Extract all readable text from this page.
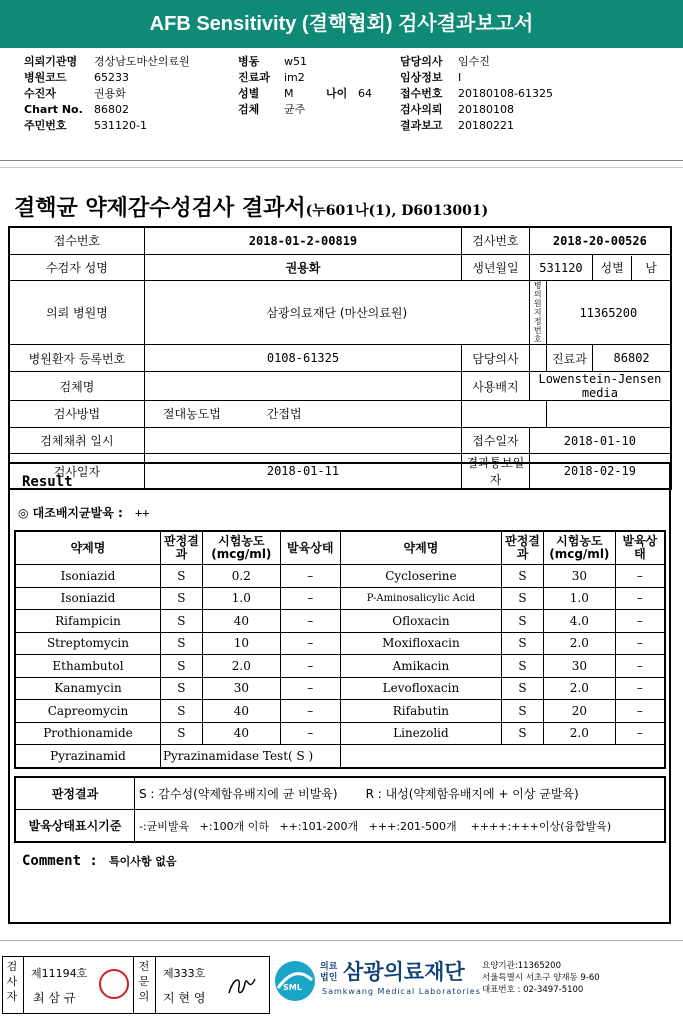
AFB Sensitivity (결핵협회) 검사결과보고서
의뢰기관명 경상남도마산의료원
병원코드 65233
수진자	권용화
Chart No. 86802
주민번호 531120-1
병동 w51
진료과 im2
성별 M	나이 64
검체 균주
담당의사 임수진
임상정보 I
접수번호 20180108-61325
검사의뢰 20180108
결과보고 20180221
결핵균 약제감수성검사 결과서(누601나(1), D6013001)
접수번호	2018-01-2-00819	검사번호	2018-20-00526
수검자 성명	권용화	생년월일	531120	성별	남

의뢰 병원명	삼광의료재단 (마산의료원)	병의원 지정번호	11365200
병원환자 등록번호	0108-61325	담당의사		진료과	86802
검체명		사용배지	Lowenstein-Jensen media
검사방법	절대농도법	간접법		
검체채취 일시		접수일자	2018-01-10
검사일자	2018-01-11	결과통보일자	2018-02-19
Result
◎ 대조배지균발육 : ++
약제명	판정결과	시험농도 (mcg/ml)	발육상태	약제명	판정결과	시험농도 (mcg/ml)	발육상태
Isoniazid	S	0.2	–	Cycloserine	S	30	–
Isoniazid	S	1.0	–	P-Aminosalicylic Acid	S	1.0	–
Rifampicin	S	40	–	Ofloxacin	S	4.0	–
Streptomycin	S	10	–	Moxifloxacin	S	2.0	–
Ethambutol	S	2.0	–	Amikacin	S	30	–
Kanamycin	S	30	–	Levofloxacin	S	2.0	–
Capreomycin	S	40	–	Rifabutin	S	20	–
Prothionamide	S	40	–	Linezolid	S	2.0	–
Pyrazinamid	Pyrazinamidase Test( S )						
판정결과	S : 감수성(약제함유배지에 균 비발육) R : 내성(약제함유배지에 + 이상 균발육)
발육상태표시기준	-:균비발육   +:100개 이하   ++:101-200개   +++:201-500개    ++++:+++이상(융합발육)
Comment : 특이사항 없음
검사자
제11194호
최 삼 규
전문의
제333호
지 현 영
SML
의료
법인 삼광의료재단
Samkwang Medical Laboratories
요양기관:11365200
서울특별시 서초구 양재동 9-60
대표번호 : 02-3497-5100
